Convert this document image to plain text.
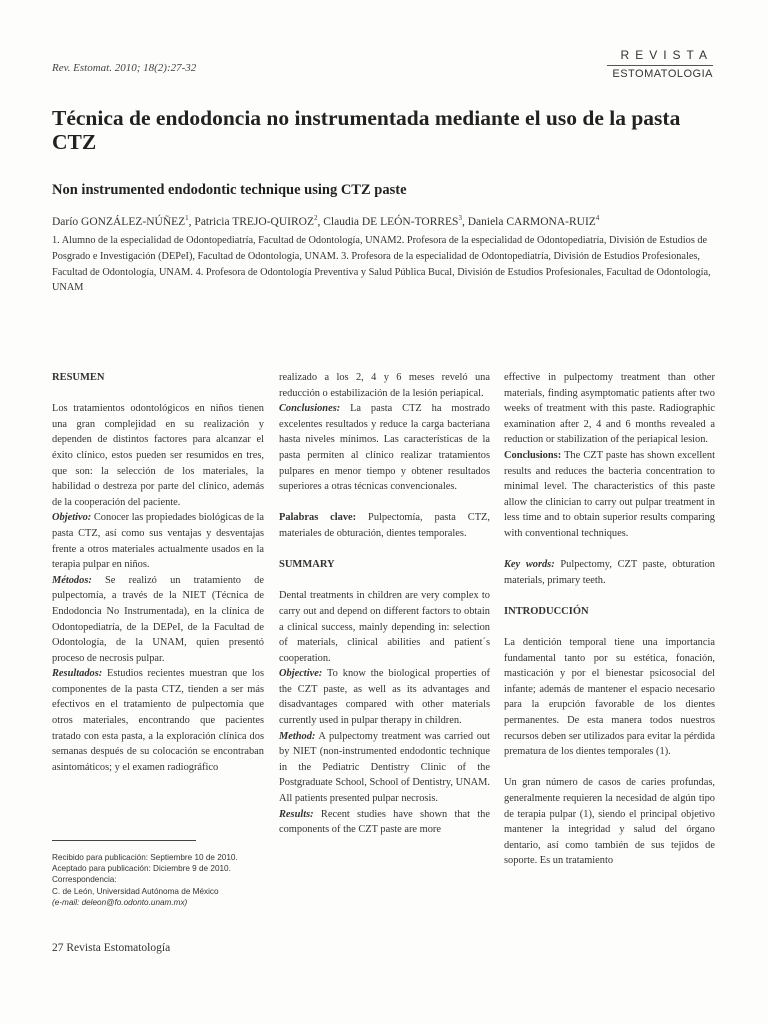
Rev. Estomat. 2010; 18(2):27-32
REVISTA
ESTOMATOLOGIA
Técnica de endodoncia no instrumentada mediante el uso de la pasta CTZ
Non instrumented endodontic technique using CTZ paste
Darío GONZÁLEZ-NÚÑEZ$^1$, Patricia TREJO-QUIROZ$^2$, Claudia DE LEÓN-TORRES$^3$, Daniela CARMONA-RUIZ$^4$
1. Alumno de la especialidad de Odontopediatría, Facultad de Odontología, UNAM2. Profesora de la especialidad de Odontopediatría, División de Estudios de Posgrado e Investigación (DEPeI), Facultad de Odontología, UNAM. 3. Profesora de la especialidad de Odontopediatría, División de Estudios Profesionales, Facultad de Odontología, UNAM. 4. Profesora de Odontología Preventiva y Salud Pública Bucal, División de Estudios Profesionales, Facultad de Odontología, UNAM
RESUMEN

Los tratamientos odontológicos en niños tienen una gran complejidad en su realización y dependen de distintos factores para alcanzar el éxito clínico, estos pueden ser resumidos en tres, que son: la selección de los materiales, la habilidad o destreza por parte del clínico, además de la cooperación del paciente.

Objetivo: Conocer las propiedades biológicas de la pasta CTZ, así como sus ventajas y desventajas frente a otros materiales actualmente usados en la terapia pulpar en niños.

Métodos: Se realizó un tratamiento de pulpectomía, a través de la NIET (Técnica de Endodoncia No Instrumentada), en la clínica de Odontopediatría, de la DEPeI, de la Facultad de Odontología, de la UNAM, quien presentó proceso de necrosis pulpar.

Resultados: Estudios recientes muestran que los componentes de la pasta CTZ, tienden a ser más efectivos en el tratamiento de pulpectomía que otros materiales, encontrando que pacientes tratado con esta pasta, a la exploración clínica dos semanas después de su colocación se encontraban asintomáticos; y el examen radiográfico

realizado a los 2, 4 y 6 meses reveló una reducción o estabilización de la lesión periapical.

Conclusiones: La pasta CTZ ha mostrado excelentes resultados y reduce la carga bacteriana hasta niveles mínimos. Las características de la pasta permiten al clínico realizar tratamientos pulpares en menor tiempo y obtener resultados superiores a otras técnicas convencionales.

Palabras clave: Pulpectomía, pasta CTZ, materiales de obturación, dientes temporales.

SUMMARY

Dental treatments in children are very complex to carry out and depend on different factors to obtain a clinical success, mainly depending in: selection of materials, clinical abilities and patient´s cooperation.

Objective: To know the biological properties of the CZT paste, as well as its advantages and disadvantages compared with other materials currently used in pulpar therapy in children.

Method: A pulpectomy treatment was carried out by NIET (non-instrumented endodontic technique in the Pediatric Dentistry Clinic of the Postgraduate School, School of Dentistry, UNAM. All patients presented pulpar necrosis.

Results: Recent studies have shown that the components of the CZT paste are more

effective in pulpectomy treatment than other materials, finding asymptomatic patients after two weeks of treatment with this paste. Radiographic examination after 2, 4 and 6 months revealed a reduction or stabilization of the periapical lesion.

Conclusions: The CZT paste has shown excellent results and reduces the bacteria concentration to minimal level. The characteristics of this paste allow the clinician to carry out pulpar treatment in less time and to obtain superior results comparing with conventional techniques.

Key words: Pulpectomy, CZT paste, obturation materials, primary teeth.

INTRODUCCIÓN

La dentición temporal tiene una importancia fundamental tanto por su estética, fonación, masticación y por el bienestar psicosocial del infante; además de mantener el espacio necesario para la erupción favorable de los dientes permanentes. De esta manera todos nuestros recursos deben ser utilizados para evitar la pérdida prematura de los dientes temporales (1).

Un gran número de casos de caries profundas, generalmente requieren la necesidad de algún tipo de terapia pulpar (1), siendo el principal objetivo mantener la integridad y salud del órgano dentario, así como también de sus tejidos de soporte. Es un tratamiento

Recibido para publicación: Septiembre 10 de 2010.
Aceptado para publicación: Diciembre 9 de 2010.
Correspondencia:
C. de León, Universidad Autónoma de México
(e-mail: deleon@fo.odonto.unam.mx)
27 Revista Estomatología
